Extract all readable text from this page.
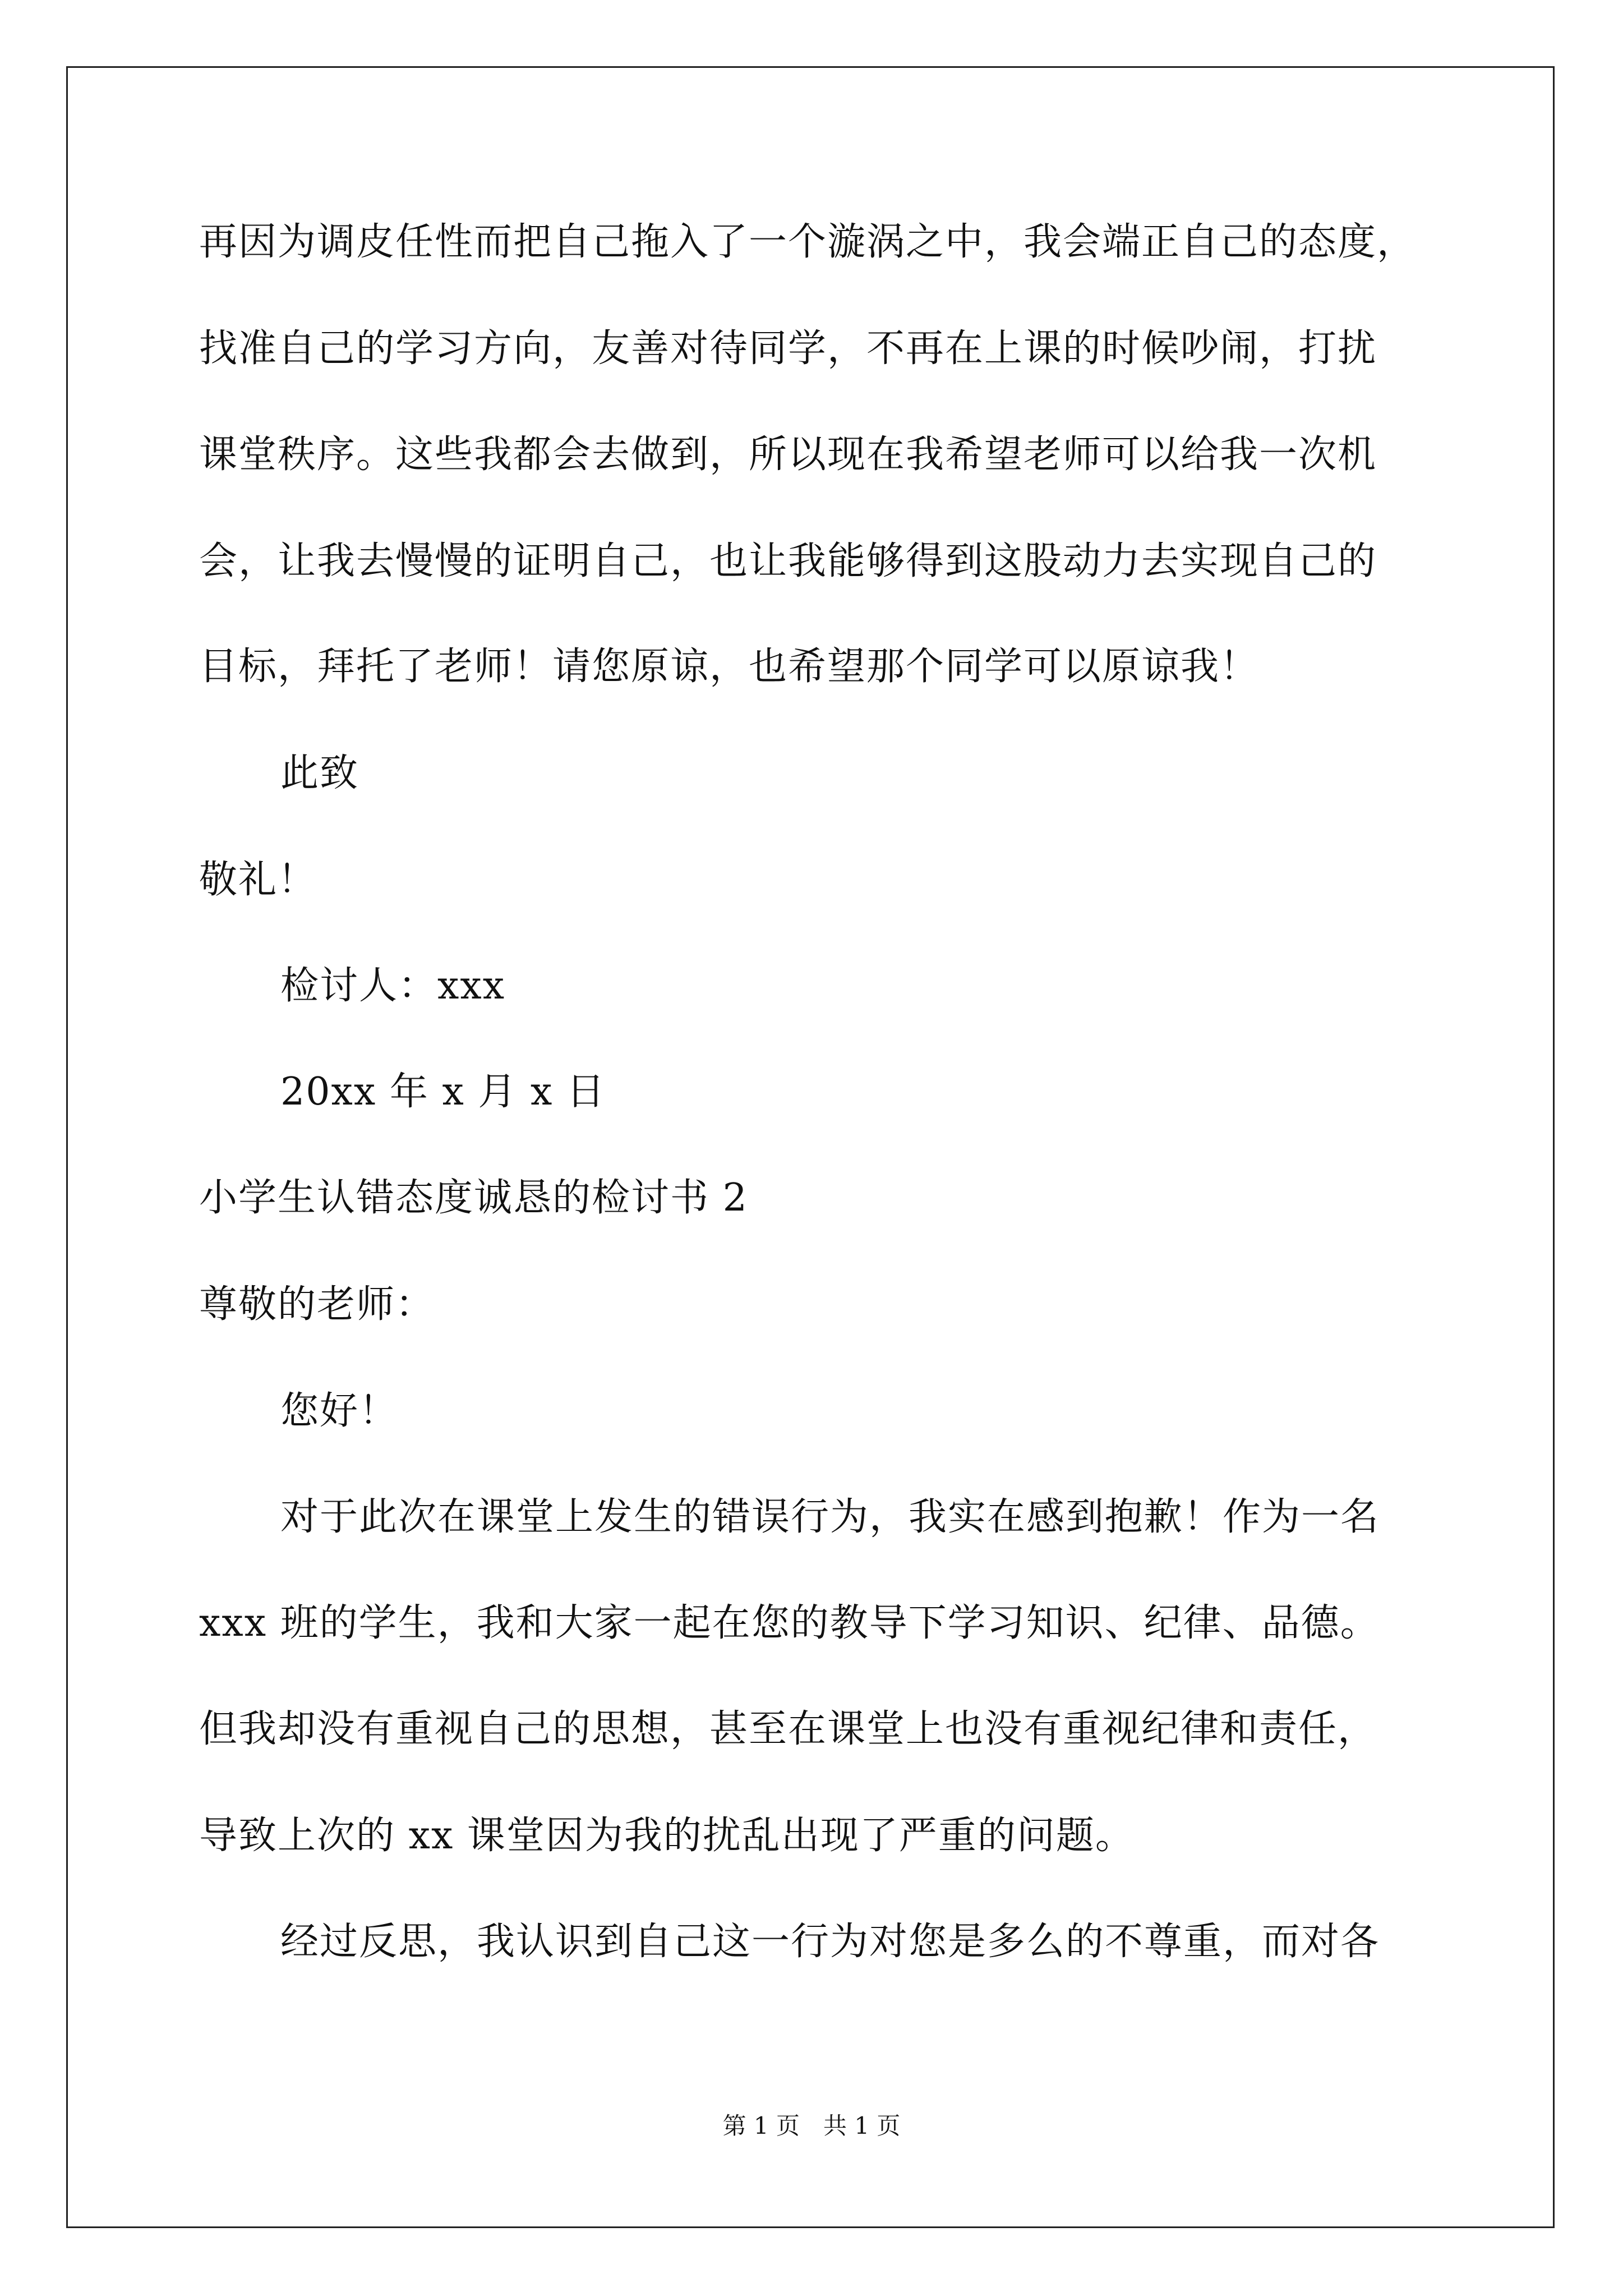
再因为调皮任性而把自己拖入了一个漩涡之中，我会端正自己的态度，
找准自己的学习方向，友善对待同学，不再在上课的时候吵闹，打扰
课堂秩序。这些我都会去做到，所以现在我希望老师可以给我一次机
会，让我去慢慢的证明自己，也让我能够得到这股动力去实现自己的
目标，拜托了老师！请您原谅，也希望那个同学可以原谅我！
此致
敬礼！
检讨人：xxx
20xx 年 x 月 x 日
小学生认错态度诚恳的检讨书 2
尊敬的老师：
您好！
对于此次在课堂上发生的错误行为，我实在感到抱歉！作为一名
xxx 班的学生，我和大家一起在您的教导下学习知识、纪律、品德。
但我却没有重视自己的思想，甚至在课堂上也没有重视纪律和责任，
导致上次的 xx 课堂因为我的扰乱出现了严重的问题。
经过反思，我认识到自己这一行为对您是多么的不尊重，而对各
第 1 页　共 1 页
